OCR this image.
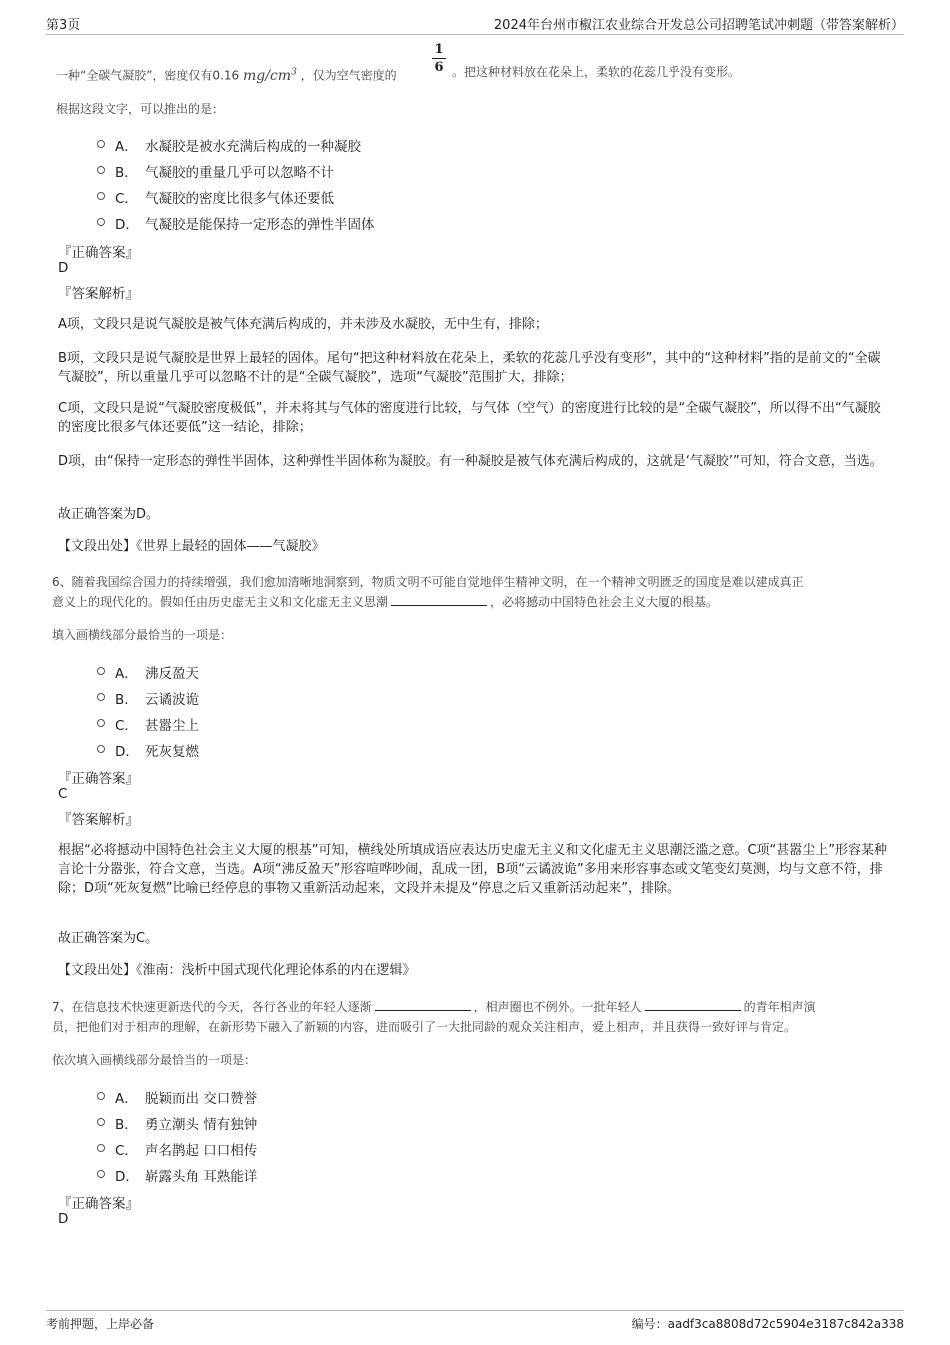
第3页	2024年台州市椒江农业综合开发总公司招聘笔试冲刺题（带答案解析）
一种“全碳气凝胶”，密度仅有0.16 $mg/cm^3$ ，仅为空气密度的
1
6 。把这种材料放在花朵上，柔软的花蕊几乎没有变形。
根据这段文字，可以推出的是：
A． 水凝胶是被水充满后构成的一种凝胶
B． 气凝胶的重量几乎可以忽略不计
C． 气凝胶的密度比很多气体还要低
D． 气凝胶是能保持一定形态的弹性半固体
『正确答案』
D
『答案解析』
A项，文段只是说气凝胶是被气体充满后构成的，并未涉及水凝胶，无中生有，排除；
B项，文段只是说气凝胶是世界上最轻的固体。尾句“把这种材料放在花朵上，柔软的花蕊几乎没有变形”，其中的“这种材料”指的是前文的“全碳气凝胶”，所以重量几乎可以忽略不计的是“全碳气凝胶”，选项“气凝胶”范围扩大，排除；
C项，文段只是说“气凝胶密度极低”，并未将其与气体的密度进行比较，与气体（空气）的密度进行比较的是“全碳气凝胶”，所以得不出“气凝胶的密度比很多气体还要低”这一结论，排除；
D项，由“保持一定形态的弹性半固体，这种弹性半固体称为凝胶。有一种凝胶是被气体充满后构成的，这就是‘气凝胶’”可知，符合文意，当选。
故正确答案为D。
【文段出处】《世界上最轻的固体——气凝胶》
6、随着我国综合国力的持续增强，我们愈加清晰地洞察到，物质文明不可能自觉地伴生精神文明，在一个精神文明匮乏的国度是难以建成真正
意义上的现代化的。假如任由历史虚无主义和文化虚无主义思潮	，必将撼动中国特色社会主义大厦的根基。
填入画横线部分最恰当的一项是：
A． 沸反盈天
B． 云谲波诡
C． 甚嚣尘上
D． 死灰复燃
『正确答案』
C
『答案解析』
根据“必将撼动中国特色社会主义大厦的根基”可知，横线处所填成语应表达历史虚无主义和文化虚无主义思潮泛滥之意。C项“甚嚣尘上”形容某种言论十分嚣张，符合文意，当选。A项“沸反盈天”形容喧哗吵闹，乱成一团，B项“云谲波诡”多用来形容事态或文笔变幻莫测，均与文意不符，排除；D项“死灰复燃”比喻已经停息的事物又重新活动起来，文段并未提及“停息之后又重新活动起来”，排除。
故正确答案为C。
【文段出处】《淮南：浅析中国式现代化理论体系的内在逻辑》
7、在信息技术快速更新迭代的今天，各行各业的年轻人逐渐	，相声圈也不例外。一批年轻人	的青年相声演
员，把他们对于相声的理解，在新形势下融入了新颖的内容，进而吸引了一大批同龄的观众关注相声，爱上相声，并且获得一致好评与肯定。
依次填入画横线部分最恰当的一项是：
A． 脱颖而出 交口赞誉
B． 勇立潮头 情有独钟
C． 声名鹊起 口口相传
D． 崭露头角 耳熟能详
『正确答案』
D
考前押题，上岸必备	编号：aadf3ca8808d72c5904e3187c842a338
